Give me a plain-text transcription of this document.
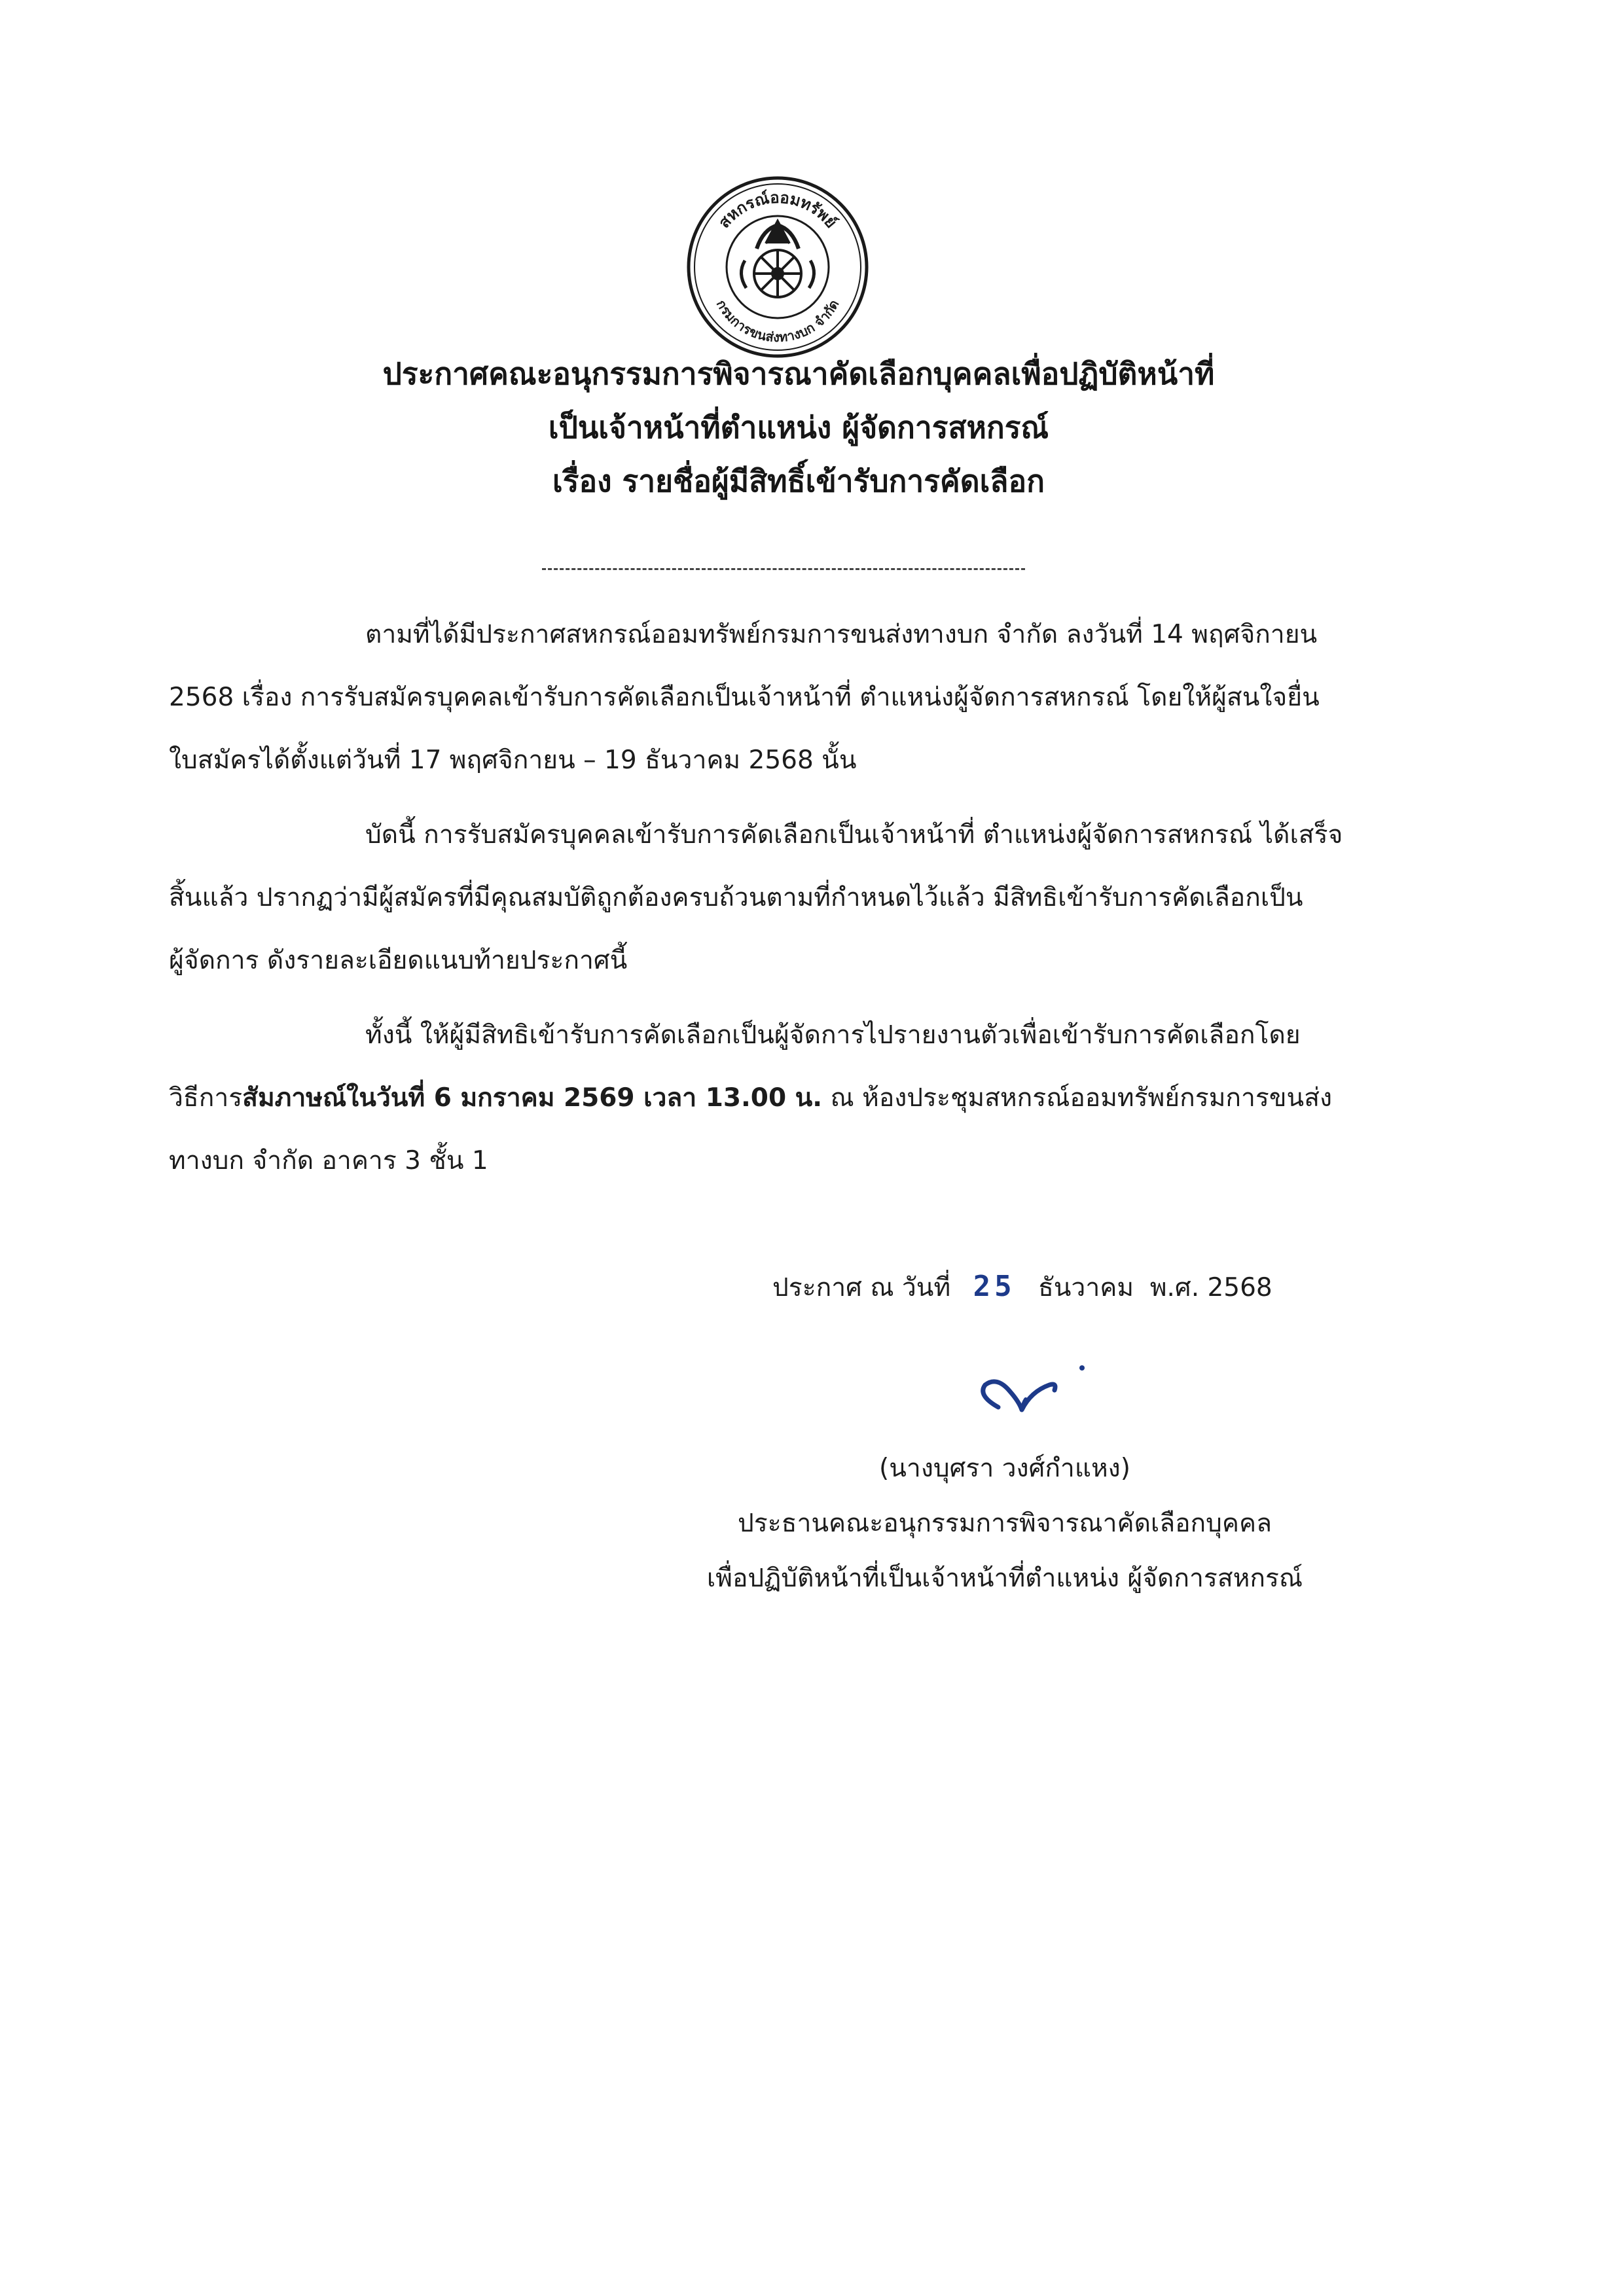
สหกรณ์ออมทรัพย์
กรมการขนส่งทางบก จำกัด
ประกาศคณะอนุกรรมการพิจารณาคัดเลือกบุคคลเพื่อปฏิบัติหน้าที่
เป็นเจ้าหน้าที่ตำแหน่ง ผู้จัดการสหกรณ์
เรื่อง รายชื่อผู้มีสิทธิ์เข้ารับการคัดเลือก
ตามที่ได้มีประกาศสหกรณ์ออมทรัพย์กรมการขนส่งทางบก จำกัด ลงวันที่ 14 พฤศจิกายน
2568 เรื่อง การรับสมัครบุคคลเข้ารับการคัดเลือกเป็นเจ้าหน้าที่ ตำแหน่งผู้จัดการสหกรณ์ โดยให้ผู้สนใจยื่น
ใบสมัครได้ตั้งแต่วันที่ 17 พฤศจิกายน – 19 ธันวาคม 2568 นั้น
บัดนี้ การรับสมัครบุคคลเข้ารับการคัดเลือกเป็นเจ้าหน้าที่ ตำแหน่งผู้จัดการสหกรณ์ ได้เสร็จ
สิ้นแล้ว ปรากฏว่ามีผู้สมัครที่มีคุณสมบัติถูกต้องครบถ้วนตามที่กำหนดไว้แล้ว มีสิทธิเข้ารับการคัดเลือกเป็น
ผู้จัดการ ดังรายละเอียดแนบท้ายประกาศนี้
ทั้งนี้ ให้ผู้มีสิทธิเข้ารับการคัดเลือกเป็นผู้จัดการไปรายงานตัวเพื่อเข้ารับการคัดเลือกโดย
วิธีการสัมภาษณ์ในวันที่ 6 มกราคม 2569 เวลา 13.00 น. ณ ห้องประชุมสหกรณ์ออมทรัพย์กรมการขนส่ง
ทางบก จำกัด อาคาร 3 ชั้น 1
ประกาศ ณ วันที่ 25 ธันวาคม พ.ศ. 2568
(นางบุศรา วงศ์กำแหง)
ประธานคณะอนุกรรมการพิจารณาคัดเลือกบุคคล
เพื่อปฏิบัติหน้าที่เป็นเจ้าหน้าที่ตำแหน่ง ผู้จัดการสหกรณ์
